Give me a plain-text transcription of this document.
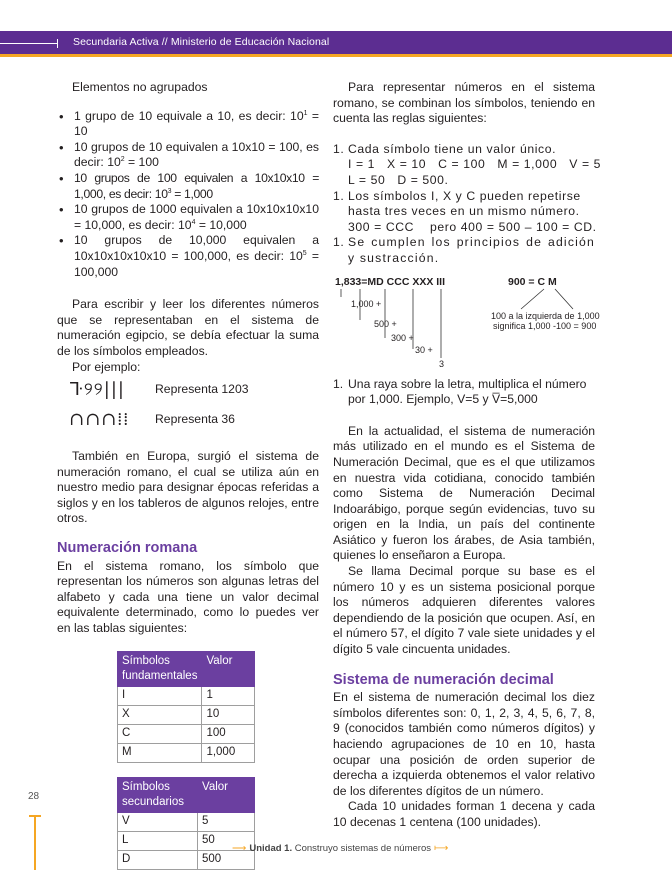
Secundaria Activa // Ministerio de Educación Nacional

Elementos no agrupados

• 1 grupo de 10 equivale a 10, es decir: $10^1 = 10$
• 10 grupos de 10 equivalen a 10x10 = 100, es decir: $10^2 = 100$
• 10 grupos de 100 equivalen a 10x10x10 = 1,000, es decir: $10^3 = 1,000$
• 10 grupos de 1000 equivalen a 10x10x10x10 = 10,000, es decir: $10^4 = 10,000$
• 10 grupos de 10,000 equivalen a 10x10x10x10x10 = 100,000, es decir: $10^5 = 100,000$

Para escribir y leer los diferentes números que se representaban en el sistema de numeración egipcio, se debía efectuar la suma de los símbolos empleados.

Por ejemplo:

ᒭ୨୨|||	Representa 1203
∩∩∩⁞⁞	Representa 36

También en Europa, surgió el sistema de numeración romano, el cual se utiliza aún en nuestro medio para designar épocas referidas a siglos y en los tableros de algunos relojes, entre otros.

Numeración romana

En el sistema romano, los símbolo que representan los números son algunas letras del alfabeto y cada una tiene un valor decimal equivalente determinado, como lo puedes ver en las tablas siguientes:

Símbolos fundamentales	Valor
I	1
X	10
C	100
M	1,000
Símbolos secundarios	Valor
V	5
L	50
D	500

Para representar números en el sistema romano, se combinan los símbolos, teniendo en cuenta las reglas siguientes:

1. Cada símbolo tiene un valor único.
I = 1   X = 10   C = 100   M = 1,000   V = 5
L = 50   D = 500.
1. Los símbolos I, X y C pueden repetirse hasta tres veces en un mismo número.
300 = CCC    pero 400 = 500 – 100 = CD.
1. Se cumplen los principios de adición y sustracción.
1,833=MD CCC XXX III
1,000 +
500 +
300 +
30 +
3
900 = C M
100 a la izquierda de 1,000
significa 1,000 -100 = 900
1. Una raya sobre la letra, multiplica el número por 1,000. Ejemplo, V=5 y V̅=5,000

En la actualidad, el sistema de numeración más utilizado en el mundo es el Sistema de Numeración Decimal, que es el que utilizamos en nuestra vida cotidiana, conocido también como Sistema de Numeración Decimal Indoarábigo, porque según evidencias, tuvo su origen en la India, un país del continente Asiático y fueron los árabes, de Asia también, quienes lo enseñaron a Europa.

Se llama Decimal porque su base es el número 10 y es un sistema posicional porque los números adquieren diferentes valores dependiendo de la posición que ocupen. Así, en el número 57, el dígito 7 vale siete unidades y el dígito 5 vale cincuenta unidades.

Sistema de numeración decimal

En el sistema de numeración decimal los diez símbolos diferentes son: 0, 1, 2, 3, 4, 5, 6, 7, 8, 9 (conocidos también como números dígitos) y haciendo agrupaciones de 10 en 10, hasta ocupar una posición de orden superior de derecha a izquierda obtenemos el valor relativo de los diferentes dígitos de un número.

Cada 10 unidades forman 1 decena y cada 10 decenas 1 centena (100 unidades).

28
⟶ Unidad 1.
Construyo sistemas de números ⟼
